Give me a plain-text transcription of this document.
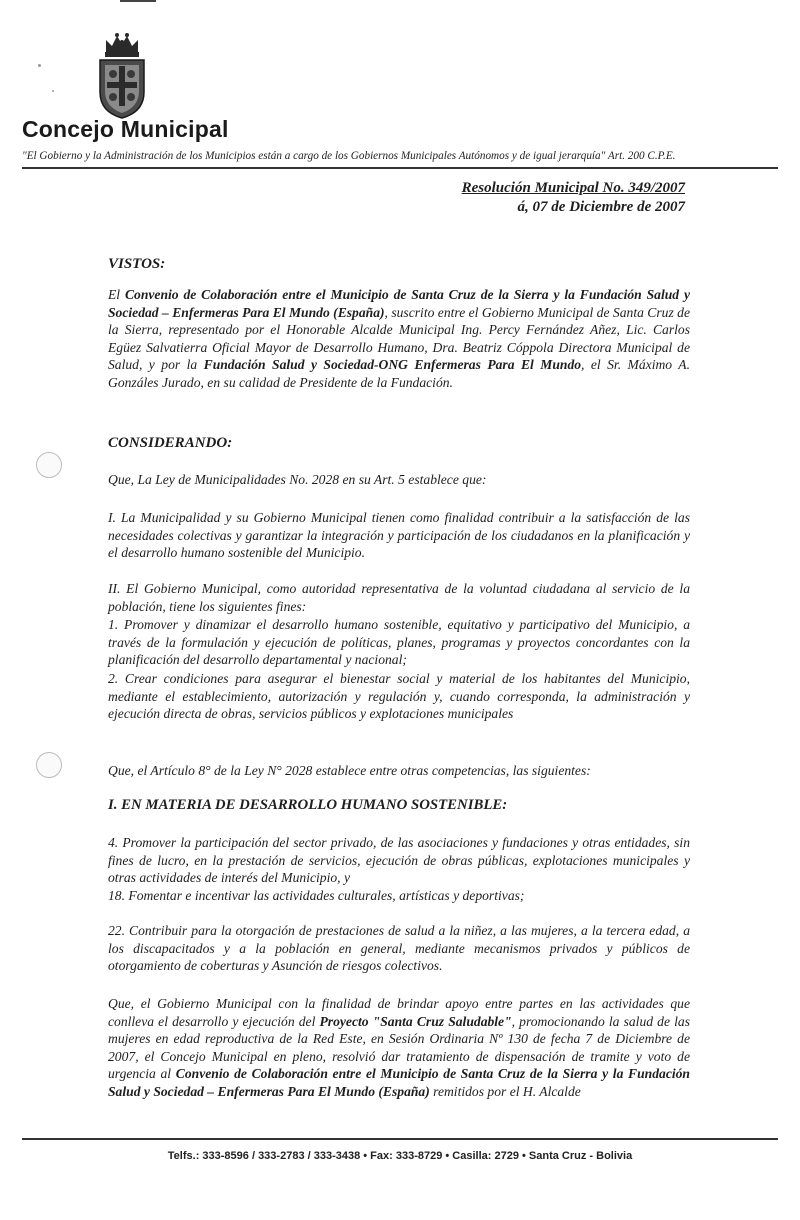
Concejo Municipal
"El Gobierno y la Administración de los Municipios están a cargo de los Gobiernos Municipales Autónomos y de igual jerarquía" Art. 200 C.P.E.
Resolución Municipal No. 349/2007
á, 07 de Diciembre de 2007
VISTOS:
El Convenio de Colaboración entre el Municipio de Santa Cruz de la Sierra y la Fundación Salud y Sociedad – Enfermeras Para El Mundo (España), suscrito entre el Gobierno Municipal de Santa Cruz de la Sierra, representado por el Honorable Alcalde Municipal Ing. Percy Fernández Añez, Lic. Carlos Egüez Salvatierra Oficial Mayor de Desarrollo Humano, Dra. Beatriz Cóppola Directora Municipal de Salud, y por la Fundación Salud y Sociedad-ONG Enfermeras Para El Mundo, el Sr. Máximo A. Gonzáles Jurado, en su calidad de Presidente de la Fundación.
CONSIDERANDO:
Que, La Ley de Municipalidades No. 2028 en su Art. 5 establece que:
I. La Municipalidad y su Gobierno Municipal tienen como finalidad contribuir a la satisfacción de las necesidades colectivas y garantizar la integración y participación de los ciudadanos en la planificación y el desarrollo humano sostenible del Municipio.
II. El Gobierno Municipal, como autoridad representativa de la voluntad ciudadana al servicio de la población, tiene los siguientes fines:
1. Promover y dinamizar el desarrollo humano sostenible, equitativo y participativo del Municipio, a través de la formulación y ejecución de políticas, planes, programas y proyectos concordantes con la planificación del desarrollo departamental y nacional;
2. Crear condiciones para asegurar el bienestar social y material de los habitantes del Municipio, mediante el establecimiento, autorización y regulación y, cuando corresponda, la administración y ejecución directa de obras, servicios públicos y explotaciones municipales
Que, el Artículo 8° de la Ley N° 2028 establece entre otras competencias, las siguientes:
I. EN MATERIA DE DESARROLLO HUMANO SOSTENIBLE:
4. Promover la participación del sector privado, de las asociaciones y fundaciones y otras entidades, sin fines de lucro, en la prestación de servicios, ejecución de obras públicas, explotaciones municipales y otras actividades de interés del Municipio, y
18. Fomentar e incentivar las actividades culturales, artísticas y deportivas;
22. Contribuir para la otorgación de prestaciones de salud a la niñez, a las mujeres, a la tercera edad, a los discapacitados y a la población en general, mediante mecanismos privados y públicos de otorgamiento de coberturas y Asunción de riesgos colectivos.
Que, el Gobierno Municipal con la finalidad de brindar apoyo entre partes en las actividades que conlleva el desarrollo y ejecución del Proyecto "Santa Cruz Saludable", promocionando la salud de las mujeres en edad reproductiva de la Red Este, en Sesión Ordinaria Nº 130 de fecha 7 de Diciembre de 2007, el Concejo Municipal en pleno, resolvió dar tratamiento de dispensación de tramite y voto de urgencia al Convenio de Colaboración entre el Municipio de Santa Cruz de la Sierra y la Fundación Salud y Sociedad – Enfermeras Para El Mundo (España) remitidos por el H. Alcalde
Telfs.: 333-8596 / 333-2783 / 333-3438 • Fax: 333-8729 • Casilla: 2729 • Santa Cruz - Bolivia
